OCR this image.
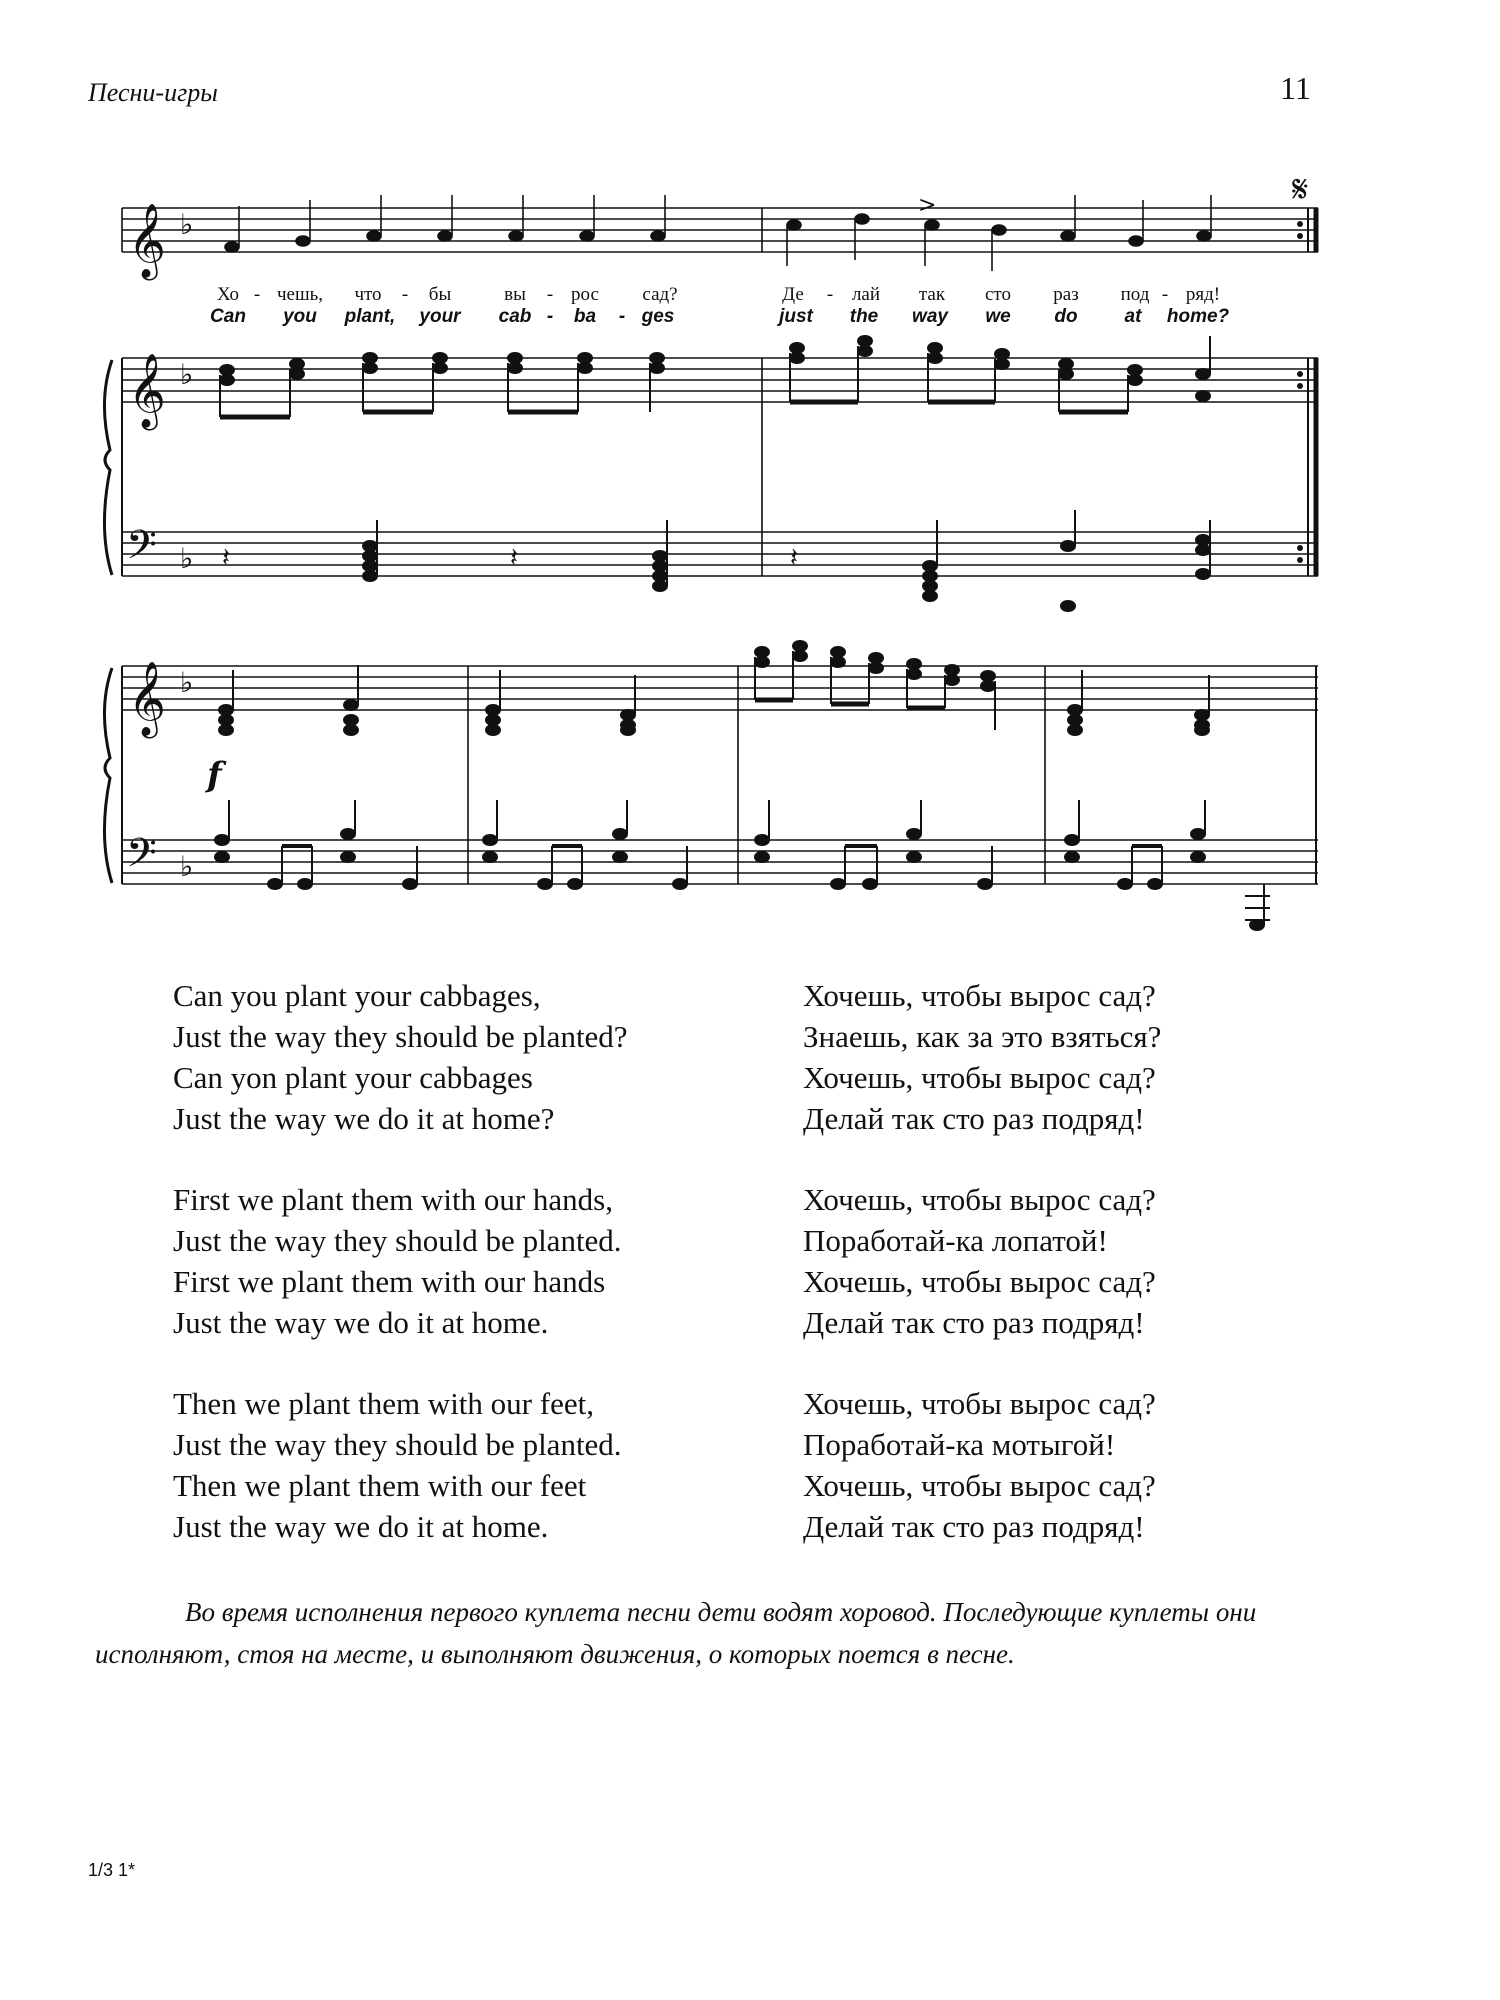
Песни-игры	11
𝄞
𝄞
𝄢
𝄞
𝄢
♭
♭
♭
♭
♭
𝄋
f
>
𝄽	𝄽	𝄽
Хо - чешь, что - бы	вы - рос сад?	Де - лай так сто раз под - ряд!
Can you plant, your cab - ba - ges	just the way we do at home?
Can you plant your cabbages,	Хочешь, чтобы вырос сад?
Just the way they should be planted?	Знаешь, как за это взяться?
Can yon plant your cabbages	Хочешь, чтобы вырос сад?
Just the way we do it at home?	Делай так сто раз подряд!
First we plant them with our hands,	Хочешь, чтобы вырос сад?
Just the way they should be planted.	Поработай-ка лопатой!
First we plant them with our hands	Хочешь, чтобы вырос сад?
Just the way we do it at home.	Делай так сто раз подряд!
Then we plant them with our feet,	Хочешь, чтобы вырос сад?
Just the way they should be planted.	Поработай-ка мотыгой!
Then we plant them with our feet	Хочешь, чтобы вырос сад?
Just the way we do it at home.	Делай так сто раз подряд!
Во время исполнения первого куплета песни дети водят хоровод. Последующие куплеты они исполняют, стоя на месте, и выполняют движения, о которых поется в песне.
1/3 1*
